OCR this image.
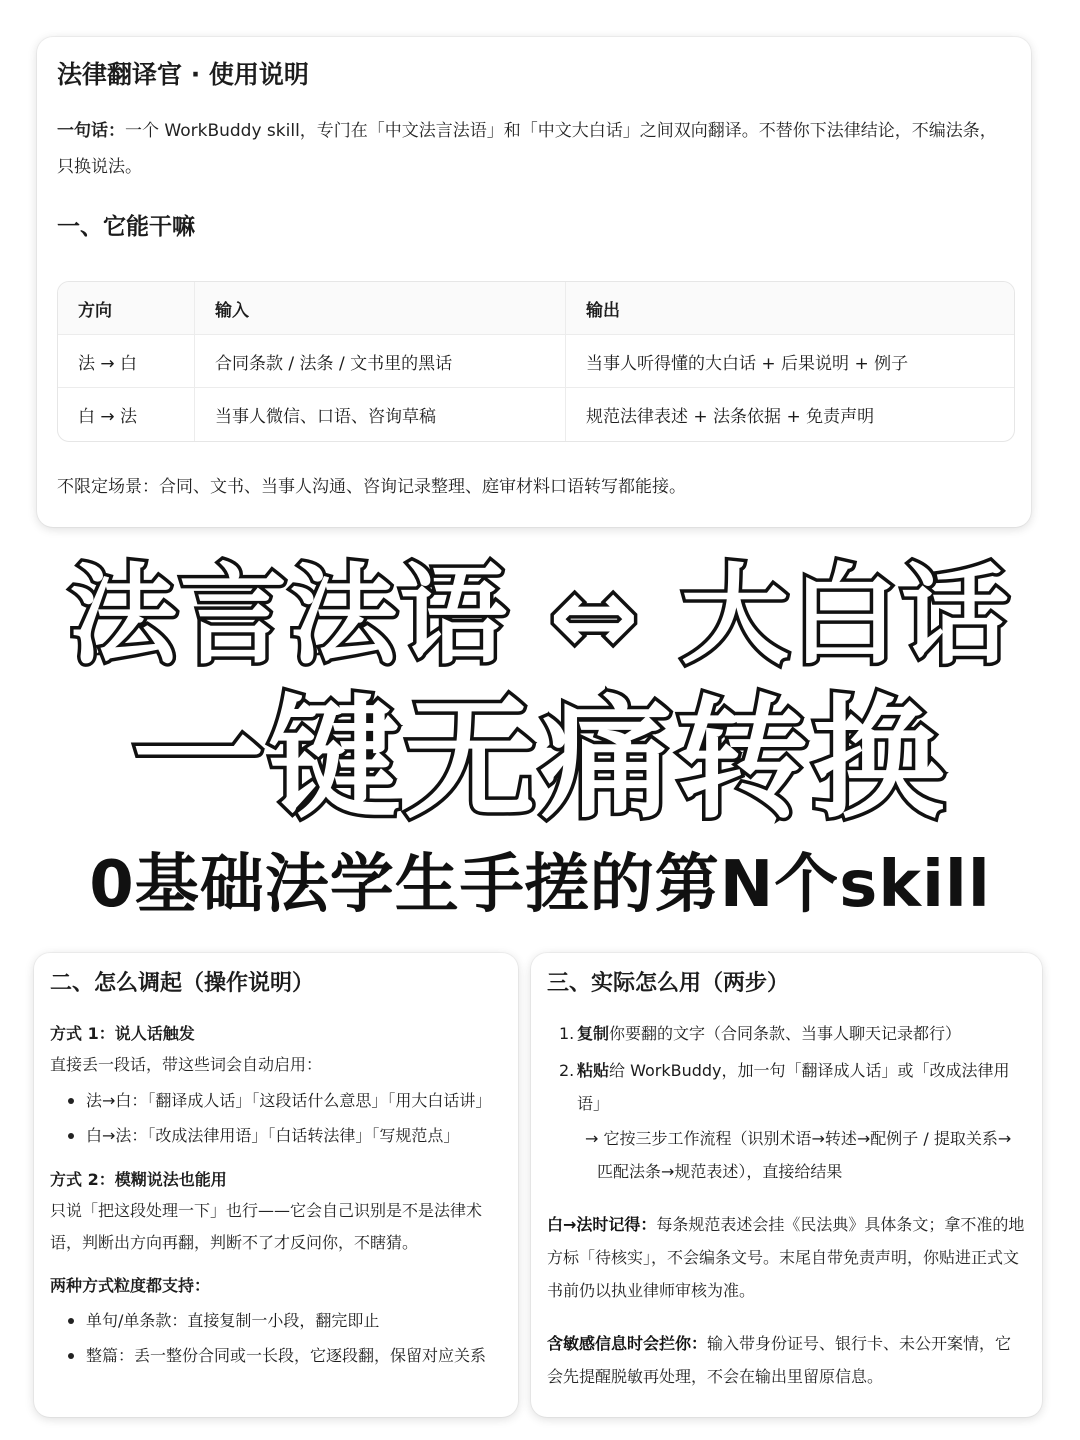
法律翻译官 · 使用说明
一句话：一个 WorkBuddy skill，专门在「中文法言法语」和「中文大白话」之间双向翻译。不替你下法律结论，不编法条，只换说法。
一、它能干嘛
方向	输入	输出
法 → 白	合同条款 / 法条 / 文书里的黑话	当事人听得懂的大白话 + 后果说明 + 例子
白 → 法	当事人微信、口语、咨询草稿	规范法律表述 + 法条依据 + 免责声明
不限定场景：合同、文书、当事人沟通、咨询记录整理、庭审材料口语转写都能接。
法言法语 ⇔ 大白话
一键无痛转换
0基础法学生手搓的第N个skill
二、怎么调起（操作说明）
方式 1：说人话触发
直接丢一段话，带这些词会自动启用：
法→白：「翻译成人话」「这段话什么意思」「用大白话讲」
白→法：「改成法律用语」「白话转法律」「写规范点」
方式 2：模糊说法也能用
只说「把这段处理一下」也行——它会自己识别是不是法律术语，判断出方向再翻，判断不了才反问你，不瞎猜。
两种方式粒度都支持：
单句/单条款：直接复制一小段，翻完即止
整篇：丢一整份合同或一长段，它逐段翻，保留对应关系
三、实际怎么用（两步）
1. 复制你要翻的文字（合同条款、当事人聊天记录都行）
2. 粘贴给 WorkBuddy，加一句「翻译成人话」或「改成法律用语」
→ 它按三步工作流程（识别术语→转述→配例子 / 提取关系→匹配法条→规范表述），直接给结果
白→法时记得：每条规范表述会挂《民法典》具体条文；拿不准的地方标「待核实」，不会编条文号。末尾自带免责声明，你贴进正式文书前仍以执业律师审核为准。
含敏感信息时会拦你：输入带身份证号、银行卡、未公开案情，它会先提醒脱敏再处理，不会在输出里留原信息。
